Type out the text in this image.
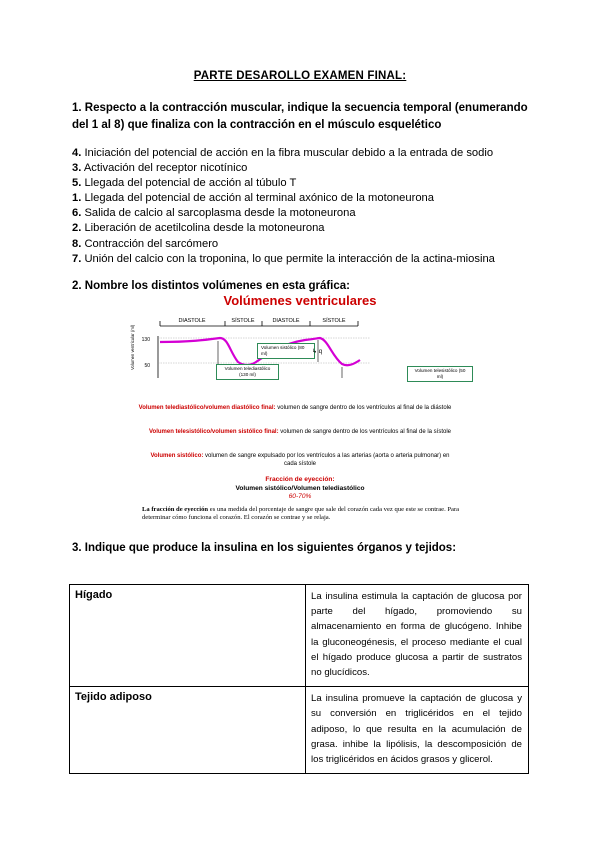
PARTE DESAROLLO EXAMEN FINAL:
1. Respecto a la contracción muscular, indique la secuencia temporal (enumerando del 1 al 8) que finaliza con la contracción en el músculo esquelético
4. Iniciación del potencial de acción en la fibra muscular debido a la entrada de sodio
3. Activación del receptor nicotínico
5. Llegada del potencial de acción al túbulo T
1. Llegada del potencial de acción al terminal axónico de la motoneurona
6. Salida de calcio al sarcoplasma desde la motoneurona
2. Liberación de acetilcolina desde la motoneurona
8. Contracción del sarcómero
7. Unión del calcio con la troponina, lo que permite la interacción de la actina-miosina
2. Nombre los distintos volúmenes en esta gráfica:
Volúmenes ventriculares
DIASTOLE	SÍSTOLE	DIASTOLE	SÍSTOLE
130
50
Volumen ventricular (ml)	Volumen sistólico (80 ml)	↳ q
Volumen telediastólico (130 ml)
Volumen telesistólico (50 ml)
Volumen telediastólico/volumen diastólico final: volumen de sangre dentro de los ventrículos al final de la diástole
Volumen telesistólico/volumen sistólico final: volumen de sangre dentro de los ventrículos al final de la sístole
Volumen sistólico: volumen de sangre expulsado por los ventrículos a las arterias (aorta o arteria pulmonar) en cada sístole
Fracción de eyección:
Volumen sistólico/Volumen telediastólico
60-70%
La fracción de eyección es una medida del porcentaje de sangre que sale del corazón cada vez que este se contrae. Para determinar cómo funciona el corazón. El corazón se contrae y se relaja.
3. Indique que produce la insulina en los siguientes órganos y tejidos:
Hígado	La insulina estimula la captación de glucosa por parte del hígado, promoviendo su almacenamiento en forma de glucógeno. Inhibe la gluconeogénesis, el proceso mediante el cual el hígado produce glucosa a partir de sustratos no glucídicos.
Tejido adiposo	La insulina promueve la captación de glucosa y su conversión en triglicéridos en el tejido adiposo, lo que resulta en la acumulación de grasa. inhibe la lipólisis, la descomposición de los triglicéridos en ácidos grasos y glicerol.
